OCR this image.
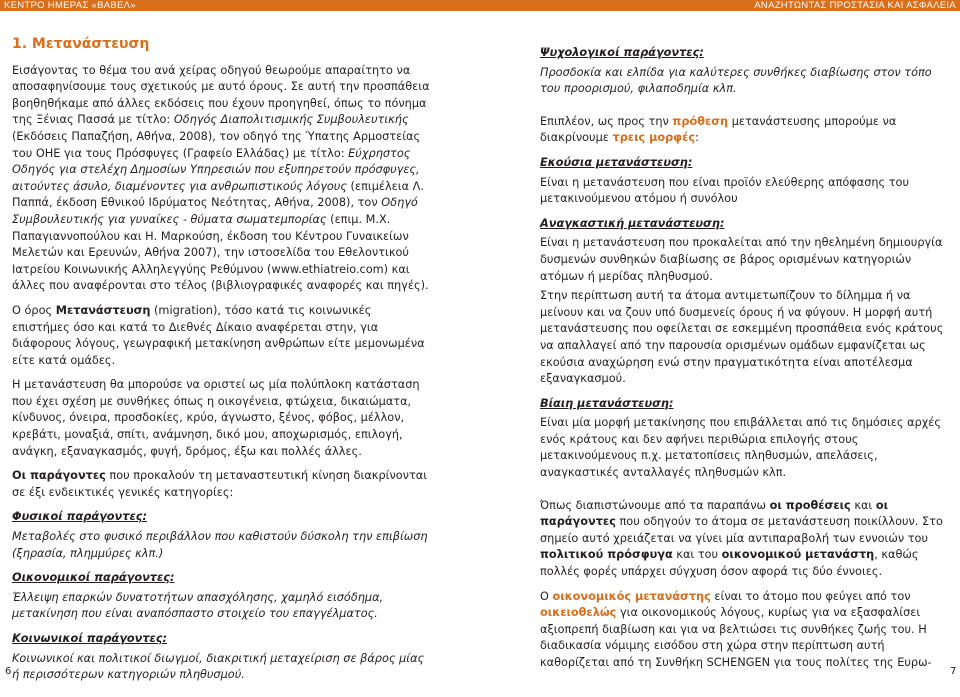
ΚΕΝΤΡΟ ΗΜΕΡΑΣ «ΒΑΒΕΛ»	ΑΝΑΖΗΤΩΝΤΑΣ ΠΡΟΣΤΑΣΙΑ ΚΑΙ ΑΣΦΑΛΕΙΑ
1. Μετανάστευση

Εισάγοντας το θέμα του ανά χείρας οδηγού θεωρούμε απαραίτητο να αποσαφηνίσουμε τους σχετικούς με αυτό όρους. Σε αυτή την προσπάθεια βοηθηθήκαμε από άλλες εκδόσεις που έχουν προηγηθεί, όπως το πόνημα της Ξένιας Πασσά με τίτλο: Οδηγός Διαπολιτισμικής Συμβουλευτικής (Εκδόσεις Παπαζήση, Αθήνα, 2008), τον οδηγό της Ύπατης Αρμοστείας του ΟΗΕ για τους Πρόσφυγες (Γραφείο Ελλάδας) με τίτλο: Εύχρηστος Οδηγός για στελέχη Δημοσίων Υπηρεσιών που εξυπηρετούν πρόσφυγες, αιτούντες άσυλο, διαμένοντες για ανθρωπιστικούς λόγους (επιμέλεια Λ. Παππά, έκδοση Εθνικού Ιδρύματος Νεότητας, Αθήνα, 2008), τον Οδηγό Συμβουλευτικής για γυναίκες - θύματα σωματεμπορίας (επιμ. Μ.Χ. Παπαγιαννοπούλου και Η. Μαρκούση, έκδοση του Κέντρου Γυναικείων Μελετών και Ερευνών, Αθήνα 2007), την ιστοσελίδα του Εθελοντικού Ιατρείου Κοινωνικής Αλληλεγγύης Ρεθύμνου (www.ethiatreio.com) και άλλες που αναφέρονται στο τέλος (βιβλιογραφικές αναφορές και πηγές).

Ο όρος Μετανάστευση (migration), τόσο κατά τις κοινωνικές επιστήμες όσο και κατά το Διεθνές Δίκαιο αναφέρεται στην, για διάφορους λόγους, γεωγραφική μετακίνηση ανθρώπων είτε μεμονωμένα είτε κατά ομάδες.

Η μετανάστευση θα μπορούσε να οριστεί ως μία πολύπλοκη κατάσταση που έχει σχέση με συνθήκες όπως η οικογένεια, φτώχεια, δικαιώματα, κίνδυνος, όνειρα, προσδοκίες, κρύο, άγνωστο, ξένος, φόβος, μέλλον, κρεβάτι, μοναξιά, σπίτι, ανάμνηση, δικό μου, αποχωρισμός, επιλογή, ανάγκη, εξαναγκασμός, φυγή, δρόμος, έξω και πολλές άλλες.

Οι παράγοντες που προκαλούν τη μεταναστευτική κίνηση διακρίνονται σε έξι ενδεικτικές γενικές κατηγορίες:

Φυσικοί παράγοντες:

Μεταβολές στο φυσικό περιβάλλον που καθιστούν δύσκολη την επιβίωση (ξηρασία, πλημμύρες κλπ.)

Οικονομικοί παράγοντες:

Έλλειψη επαρκών δυνατοτήτων απασχόλησης, χαμηλό εισόδημα, μετακίνηση που είναι αναπόσπαστο στοιχείο του επαγγέλματος.

Κοινωνικοί παράγοντες:

Κοινωνικοί και πολιτικοί διωγμοί, διακριτική μεταχείριση σε βάρος μίας ή περισσότερων κατηγοριών πληθυσμού.

Ψυχολογικοί παράγοντες:

Προσδοκία και ελπίδα για καλύτερες συνθήκες διαβίωσης στον τόπο του προορισμού, φιλαποδημία κλπ.

Επιπλέον, ως προς την πρόθεση μετανάστευσης μπορούμε να διακρίνουμε τρεις μορφές:

Εκούσια μετανάστευση:

Είναι η μετανάστευση που είναι προϊόν ελεύθερης απόφασης του μετακινούμενου ατόμου ή συνόλου

Αναγκαστική μετανάστευση:

Είναι η μετανάστευση που προκαλείται από την ηθελημένη δημιουργία δυσμενών συνθηκών διαβίωσης σε βάρος ορισμένων κατηγοριών ατόμων ή μερίδας πληθυσμού.

Στην περίπτωση αυτή τα άτομα αντιμετωπίζουν το δίλημμα ή να μείνουν και να ζουν υπό δυσμενείς όρους ή να φύγουν. Η μορφή αυτή μετανάστευσης που οφείλεται σε εσκεμμένη προσπάθεια ενός κράτους να απαλλαγεί από την παρουσία ορισμένων ομάδων εμφανίζεται ως εκούσια αναχώρηση ενώ στην πραγματικότητα είναι αποτέλεσμα εξαναγκασμού.

Βίαιη μετανάστευση:

Είναι μία μορφή μετακίνησης που επιβάλλεται από τις δημόσιες αρχές ενός κράτους και δεν αφήνει περιθώρια επιλογής στους μετακινούμενους π.χ. μετατοπίσεις πληθυσμών, απελάσεις, αναγκαστικές ανταλλαγές πληθυσμών κλπ.

Όπως διαπιστώνουμε από τα παραπάνω οι προθέσεις και οι παράγοντες που οδηγούν το άτομα σε μετανάστευση ποικίλλουν. Στο σημείο αυτό χρειάζεται να γίνει μία αντιπαραβολή των εννοιών του πολιτικού πρόσφυγα και του οικονομικού μετανάστη, καθώς πολλές φορές υπάρχει σύγχυση όσον αφορά τις δύο έννοιες.

Ο οικονομικός μετανάστης είναι το άτομο που φεύγει από τον οικειοθελώς για οικονομικούς λόγους, κυρίως για να εξασφαλίσει αξιοπρεπή διαβίωση και για να βελτιώσει τις συνθήκες ζωής του. Η διαδικασία νόμιμης εισόδου στη χώρα στην περίπτωση αυτή καθορίζεται από τη Συνθήκη SCHENGEN για τους πολίτες της Ευρω-

6	7
